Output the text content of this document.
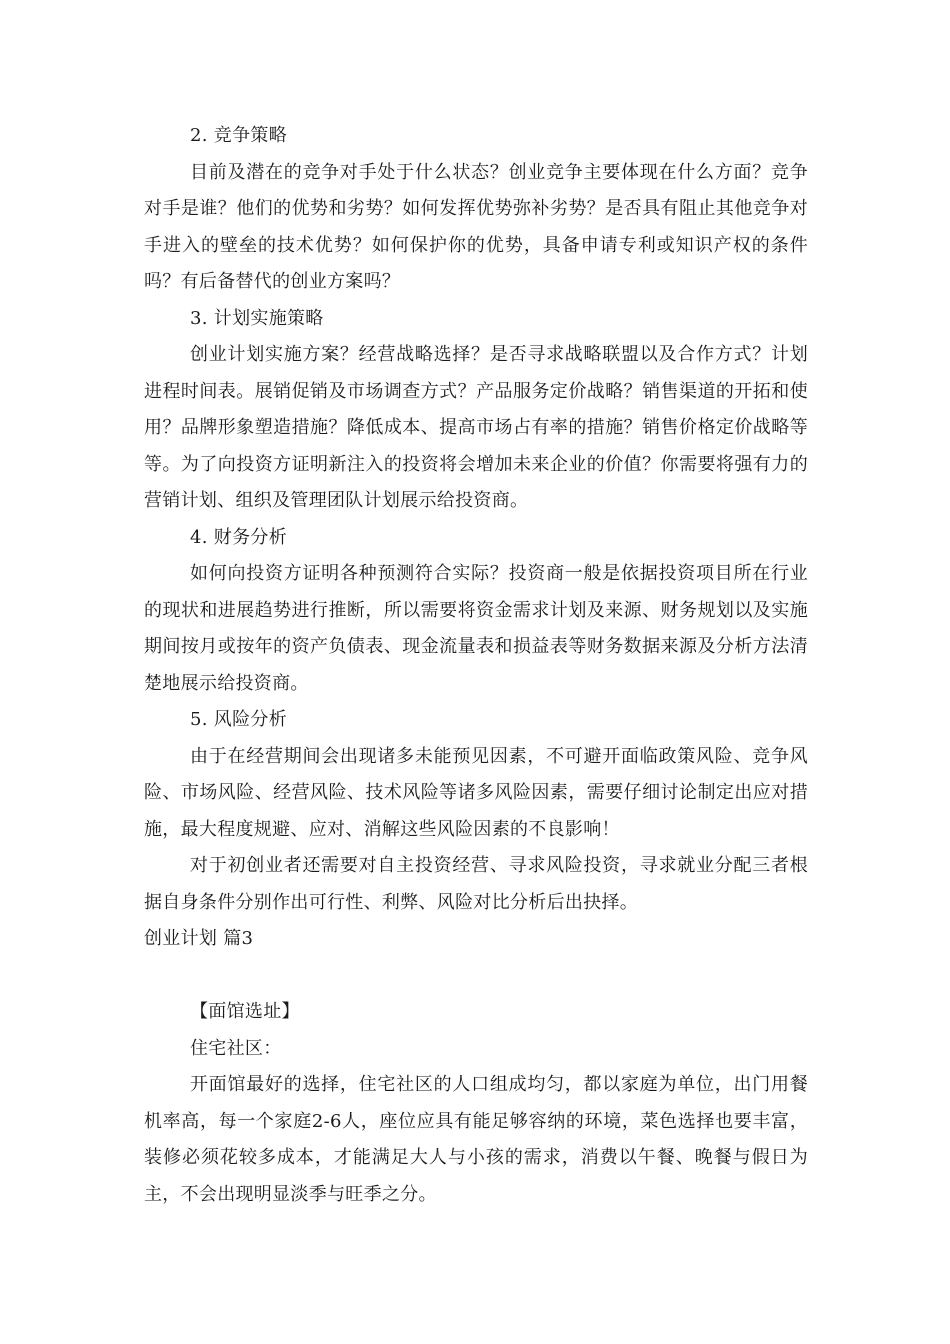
2. 竞争策略

目前及潜在的竞争对手处于什么状态？创业竞争主要体现在什么方面？竞争对手是谁？他们的优势和劣势？如何发挥优势弥补劣势？是否具有阻止其他竞争对手进入的壁垒的技术优势？如何保护你的优势，具备申请专利或知识产权的条件吗？有后备替代的创业方案吗？

3. 计划实施策略

创业计划实施方案？经营战略选择？是否寻求战略联盟以及合作方式？计划进程时间表。展销促销及市场调查方式？产品服务定价战略？销售渠道的开拓和使用？品牌形象塑造措施？降低成本、提高市场占有率的措施？销售价格定价战略等等。为了向投资方证明新注入的投资将会增加未来企业的价值？你需要将强有力的营销计划、组织及管理团队计划展示给投资商。

4. 财务分析

如何向投资方证明各种预测符合实际？投资商一般是依据投资项目所在行业的现状和进展趋势进行推断，所以需要将资金需求计划及来源、财务规划以及实施期间按月或按年的资产负债表、现金流量表和损益表等财务数据来源及分析方法清楚地展示给投资商。

5. 风险分析

由于在经营期间会出现诸多未能预见因素，不可避开面临政策风险、竞争风险、市场风险、经营风险、技术风险等诸多风险因素，需要仔细讨论制定出应对措施，最大程度规避、应对、消解这些风险因素的不良影响！

对于初创业者还需要对自主投资经营、寻求风险投资，寻求就业分配三者根据自身条件分别作出可行性、利弊、风险对比分析后出抉择。

创业计划 篇3
【面馆选址】
住宅社区：

开面馆最好的选择，住宅社区的人口组成均匀，都以家庭为单位，出门用餐机率高，每一个家庭2-6人，座位应具有能足够容纳的环境，菜色选择也要丰富，装修必须花较多成本，才能满足大人与小孩的需求，消费以午餐、晚餐与假日为主，不会出现明显淡季与旺季之分。
